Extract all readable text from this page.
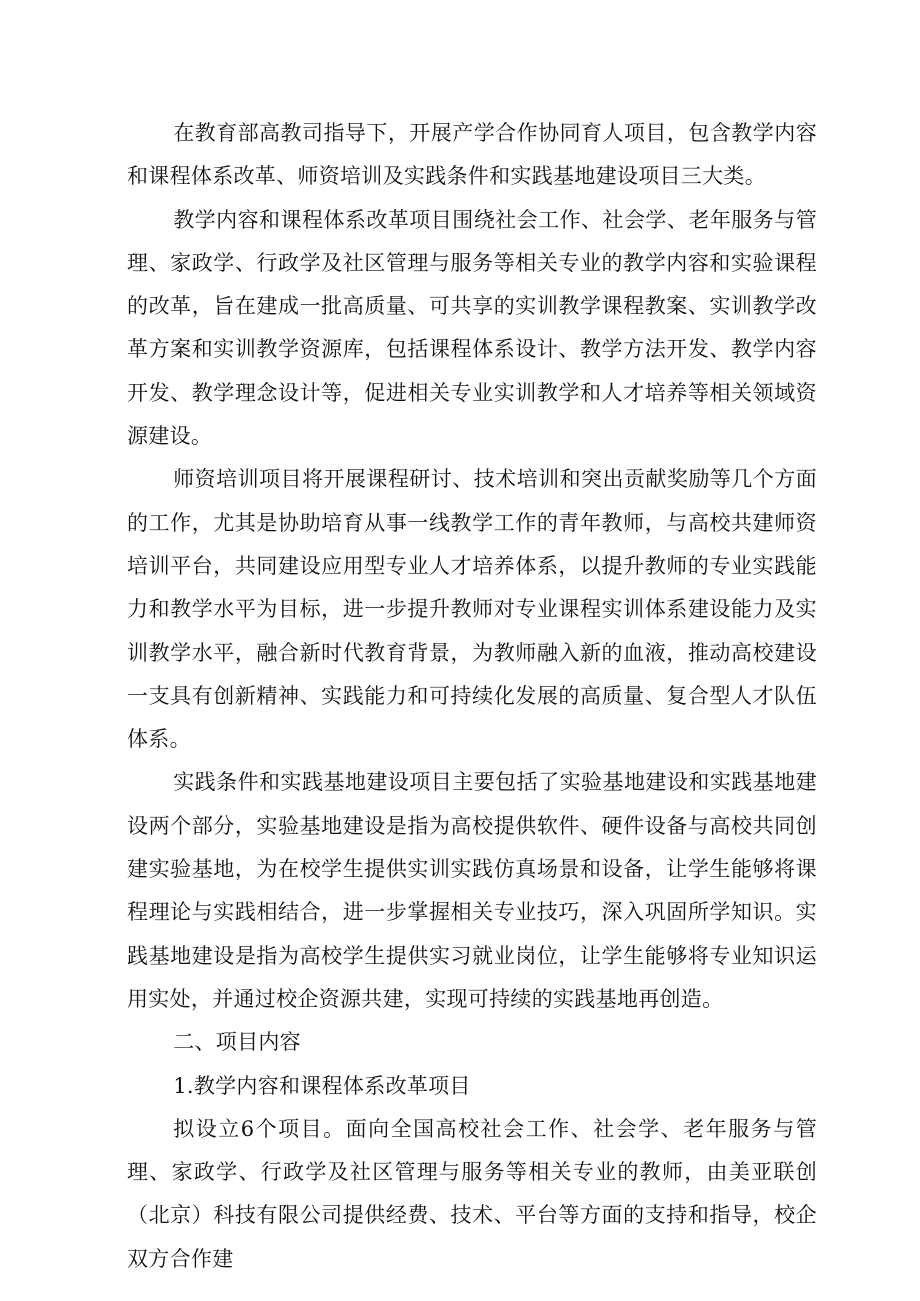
在教育部高教司指导下，开展产学合作协同育人项目，包含教学内容和课程体系改革、师资培训及实践条件和实践基地建设项目三大类。

教学内容和课程体系改革项目围绕社会工作、社会学、老年服务与管理、家政学、行政学及社区管理与服务等相关专业的教学内容和实验课程的改革，旨在建成一批高质量、可共享的实训教学课程教案、实训教学改革方案和实训教学资源库，包括课程体系设计、教学方法开发、教学内容开发、教学理念设计等，促进相关专业实训教学和人才培养等相关领域资源建设。

师资培训项目将开展课程研讨、技术培训和突出贡献奖励等几个方面的工作，尤其是协助培育从事一线教学工作的青年教师，与高校共建师资培训平台，共同建设应用型专业人才培养体系，以提升教师的专业实践能力和教学水平为目标，进一步提升教师对专业课程实训体系建设能力及实训教学水平，融合新时代教育背景，为教师融入新的血液，推动高校建设一支具有创新精神、实践能力和可持续化发展的高质量、复合型人才队伍体系。

实践条件和实践基地建设项目主要包括了实验基地建设和实践基地建设两个部分，实验基地建设是指为高校提供软件、硬件设备与高校共同创建实验基地，为在校学生提供实训实践仿真场景和设备，让学生能够将课程理论与实践相结合，进一步掌握相关专业技巧，深入巩固所学知识。实践基地建设是指为高校学生提供实习就业岗位，让学生能够将专业知识运用实处，并通过校企资源共建，实现可持续的实践基地再创造。

二、项目内容

1.教学内容和课程体系改革项目

拟设立6个项目。面向全国高校社会工作、社会学、老年服务与管理、家政学、行政学及社区管理与服务等相关专业的教师，由美亚联创（北京）科技有限公司提供经费、技术、平台等方面的支持和指导，校企双方合作建
